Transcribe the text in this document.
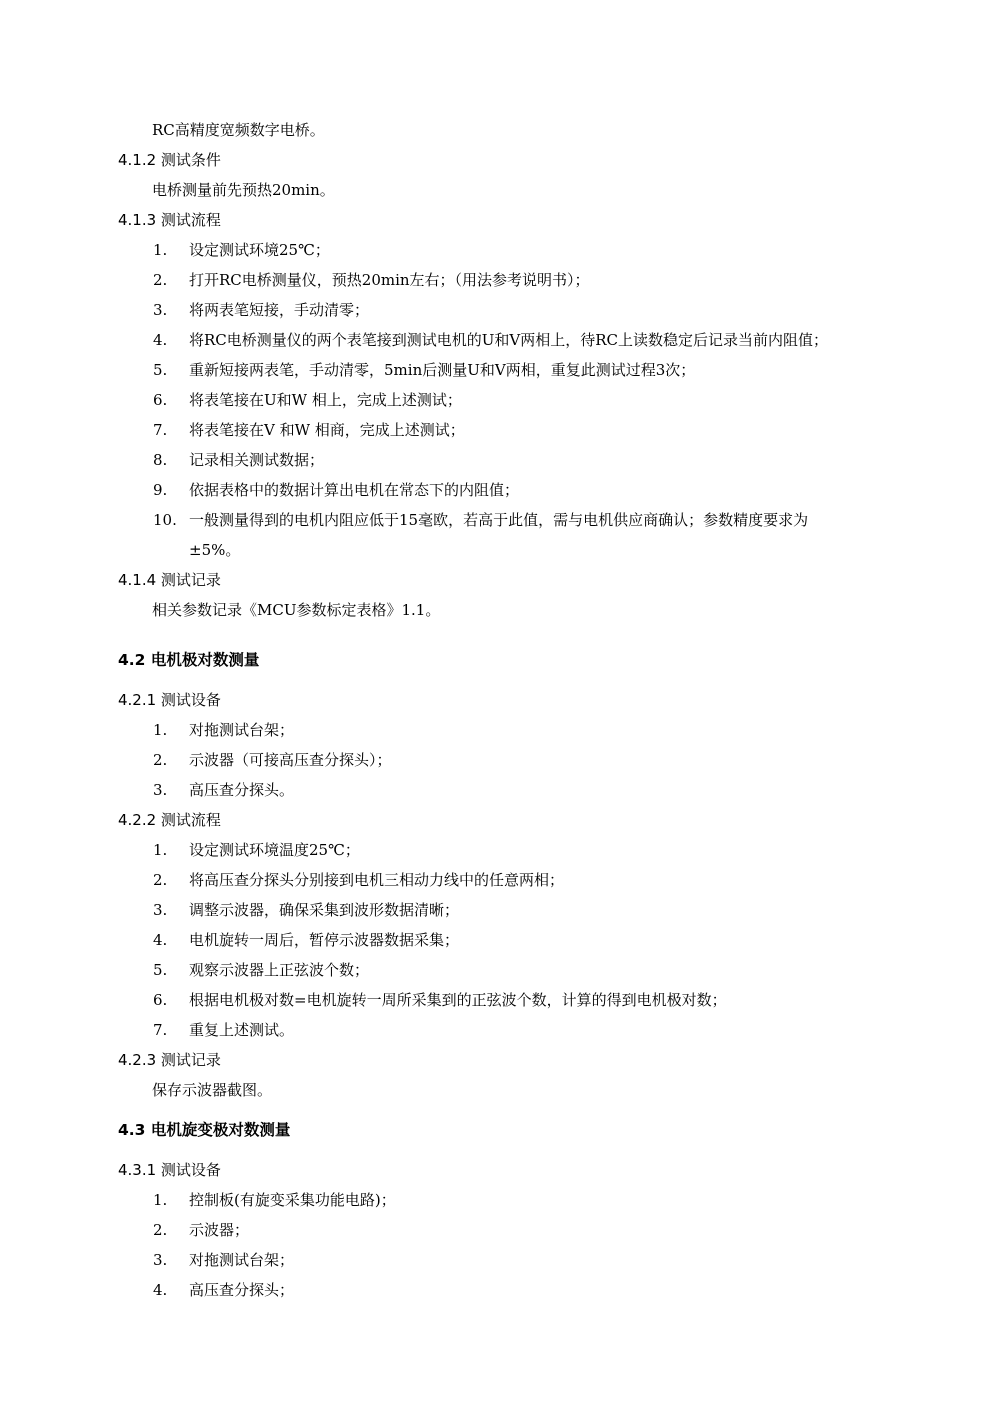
RC高精度宽频数字电桥。
4.1.2 测试条件
电桥测量前先预热20min。
4.1.3 测试流程
1. 设定测试环境25℃；
2. 打开RC电桥测量仪，预热20min左右；（用法参考说明书）；
3. 将两表笔短接，手动清零；
4. 将RC电桥测量仪的两个表笔接到测试电机的U和V两相上，待RC上读数稳定后记录当前内阻值；
5. 重新短接两表笔，手动清零，5min后测量U和V两相，重复此测试过程3次；
6. 将表笔接在U和W 相上，完成上述测试；
7. 将表笔接在V 和W 相商，完成上述测试；
8. 记录相关测试数据；
9. 依据表格中的数据计算出电机在常态下的内阻值；
10. 一般测量得到的电机内阻应低于15毫欧，若高于此值，需与电机供应商确认；参数精度要求为
±5%。
4.1.4 测试记录
相关参数记录《MCU参数标定表格》1.1。
4.2 电机极对数测量
4.2.1 测试设备
1. 对拖测试台架；
2. 示波器（可接高压查分探头）；
3. 高压查分探头。
4.2.2 测试流程
1. 设定测试环境温度25℃；
2. 将高压查分探头分别接到电机三相动力线中的任意两相；
3. 调整示波器，确保采集到波形数据清晰；
4. 电机旋转一周后，暂停示波器数据采集；
5. 观察示波器上正弦波个数；
6. 根据电机极对数=电机旋转一周所采集到的正弦波个数，计算的得到电机极对数；
7. 重复上述测试。
4.2.3 测试记录
保存示波器截图。
4.3 电机旋变极对数测量
4.3.1 测试设备
1. 控制板(有旋变采集功能电路)；
2. 示波器；
3. 对拖测试台架；
4. 高压查分探头；
